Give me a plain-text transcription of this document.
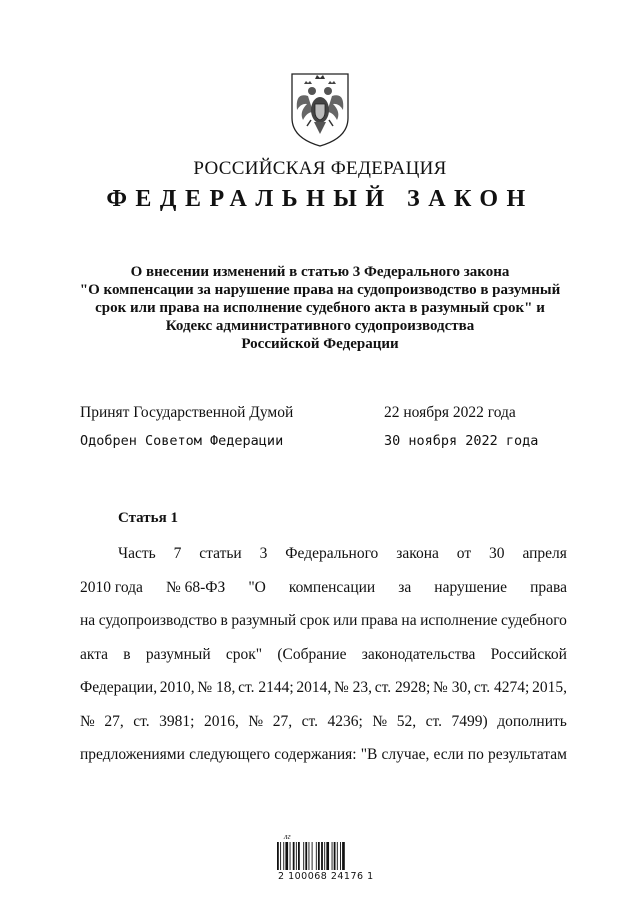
РОССИЙСКАЯ ФЕДЕРАЦИЯ
ФЕДЕРАЛЬНЫЙ ЗАКОН
О внесении изменений в статью 3 Федерального закона
"О компенсации за нарушение права на судопроизводство в разумный
срок или права на исполнение судебного акта в разумный срок" и
Кодекс административного судопроизводства
Российской Федерации
Принят Государственной Думой	22 ноября 2022 года
Одобрен Советом Федерации	30 ноября 2022 года
Статья 1
Часть 7 статьи 3 Федерального закона от 30 апреля
2010 года № 68-ФЗ "О компенсации за нарушение права
на судопроизводство в разумный срок или права на исполнение судебного
акта в разумный срок" (Собрание законодательства Российской
Федерации, 2010, № 18, ст. 2144; 2014, № 23, ст. 2928; № 30, ст. 4274; 2015,
№ 27, ст. 3981; 2016, № 27, ст. 4236; № 52, ст. 7499) дополнить
предложениями следующего содержания: "В случае, если по результатам
лг
2 100068 24176 1
